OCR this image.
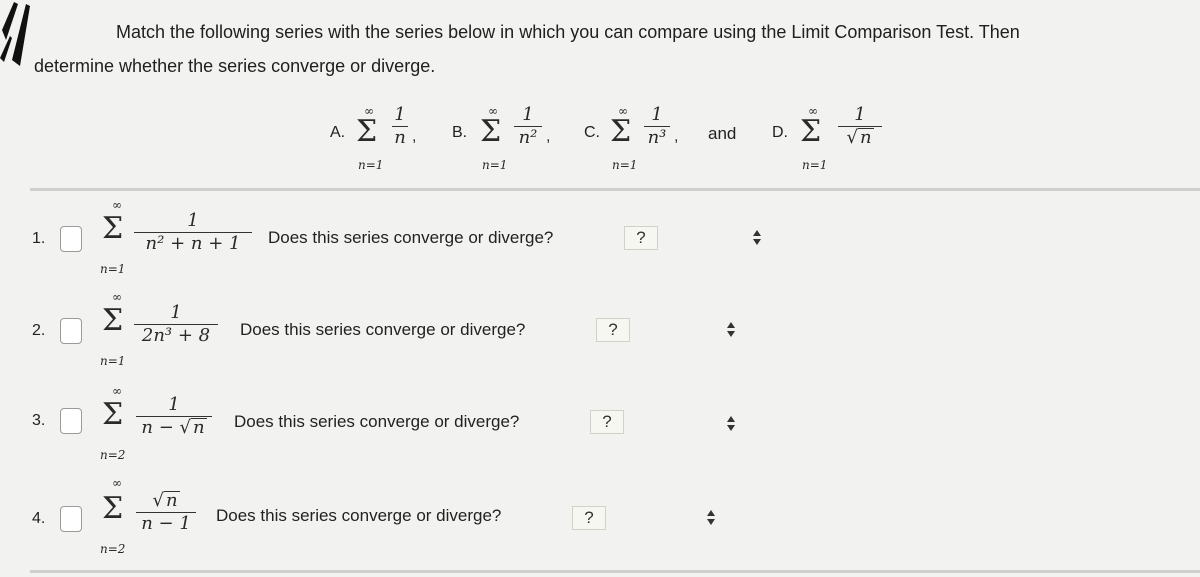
Match the following series with the series below in which you can compare using the Limit Comparison Test. Then
determine whether the series converge or diverge.
A.
∞
Σ
n=1
1
n , B.
∞
Σ
n=1
1
n² , C.
∞
Σ
n=1
1
n³ , and D.
∞
Σ
n=1
1
√ n
1.
∞
Σ
n=1
1
n² + n + 1	Does this series converge or diverge?	?
2.
∞
Σ
n=1
1
2n³ + 8	Does this series converge or diverge?	?
3.
∞
Σ
n=2
1
n − √ n	Does this series converge or diverge?	?
4.
∞
Σ
n=2
√ n
n − 1	Does this series converge or diverge?	?
